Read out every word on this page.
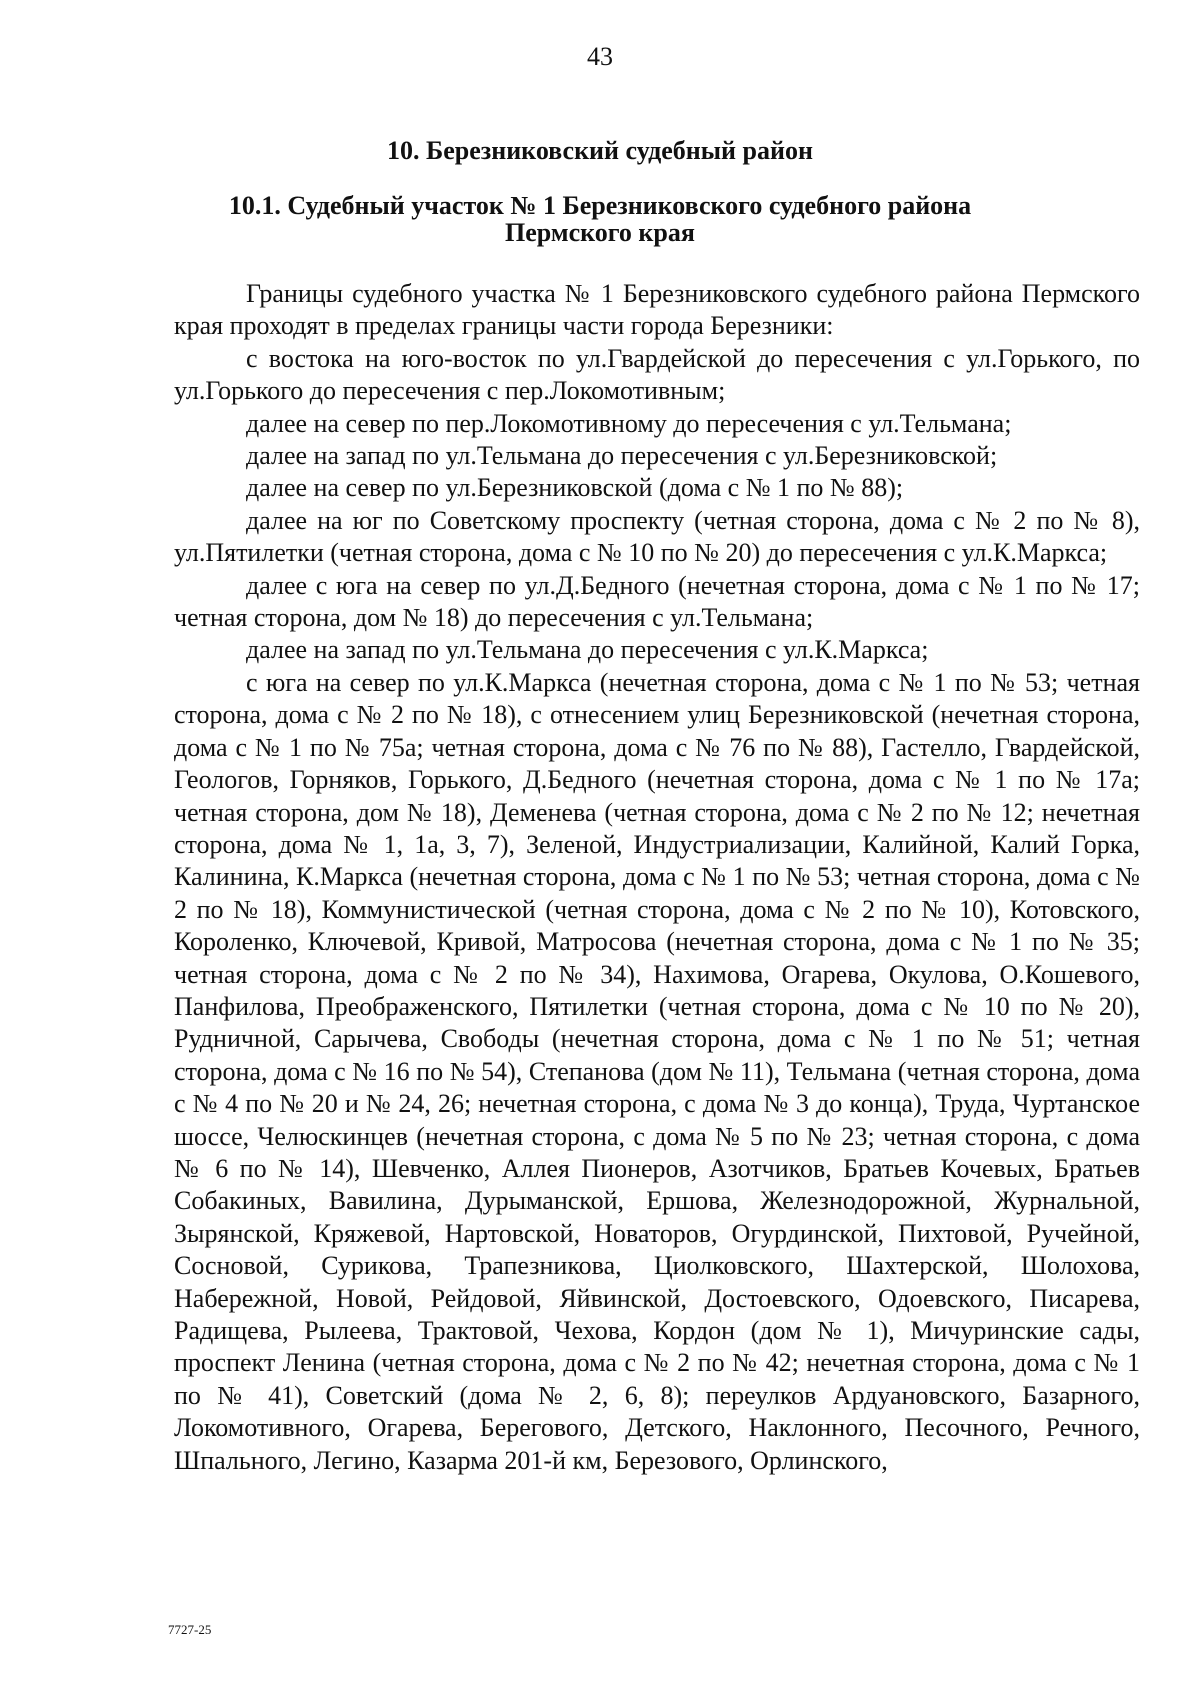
43
10. Березниковский судебный район
10.1. Судебный участок № 1 Березниковского судебного района
Пермского края

Границы судебного участка № 1 Березниковского судебного района Пермского края проходят в пределах границы части города Березники:

с востока на юго-восток по ул.Гвардейской до пересечения с ул.Горького, по ул.Горького до пересечения с пер.Локомотивным;

далее на север по пер.Локомотивному до пересечения с ул.Тельмана;

далее на запад по ул.Тельмана до пересечения с ул.Березниковской;

далее на север по ул.Березниковской (дома с № 1 по № 88);

далее на юг по Советскому проспекту (четная сторона, дома с № 2 по № 8), ул.Пятилетки (четная сторона, дома с № 10 по № 20) до пересечения с ул.К.Маркса;

далее с юга на север по ул.Д.Бедного (нечетная сторона, дома с № 1 по № 17; четная сторона, дом № 18) до пересечения с ул.Тельмана;

далее на запад по ул.Тельмана до пересечения с ул.К.Маркса;

с юга на север по ул.К.Маркса (нечетная сторона, дома с № 1 по № 53; четная сторона, дома с № 2 по № 18), с отнесением улиц Березниковской (нечетная сторона, дома с № 1 по № 75а; четная сторона, дома с № 76 по № 88), Гастелло, Гвардейской, Геологов, Горняков, Горького, Д.Бедного (нечетная сторона, дома с № 1 по № 17а; четная сторона, дом № 18), Деменева (четная сторона, дома с № 2 по № 12; нечетная сторона, дома № 1, 1а, 3, 7), Зеленой, Индустриализации, Калийной, Калий Горка, Калинина, К.Маркса (нечетная сторона, дома с № 1 по № 53; четная сторона, дома с № 2 по № 18), Коммунистической (четная сторона, дома с № 2 по № 10), Котовского, Короленко, Ключевой, Кривой, Матросова (нечетная сторона, дома с № 1 по № 35; четная сторона, дома с № 2 по № 34), Нахимова, Огарева, Окулова, О.Кошевого, Панфилова, Преображенского, Пятилетки (четная сторона, дома с № 10 по № 20), Рудничной, Сарычева, Свободы (нечетная сторона, дома с № 1 по № 51; четная сторона, дома с № 16 по № 54), Степанова (дом № 11), Тельмана (четная сторона, дома с № 4 по № 20 и № 24, 26; нечетная сторона, с дома № 3 до конца), Труда, Чуртанское шоссе, Челюскинцев (нечетная сторона, с дома № 5 по № 23; четная сторона, с дома № 6 по № 14), Шевченко, Аллея Пионеров, Азотчиков, Братьев Кочевых, Братьев Собакиных, Вавилина, Дурыманской, Ершова, Железнодорожной, Журнальной, Зырянской, Кряжевой, Нартовской, Новаторов, Огурдинской, Пихтовой, Ручейной, Сосновой, Сурикова, Трапезникова, Циолковского, Шахтерской, Шолохова, Набережной, Новой, Рейдовой, Яйвинской, Достоевского, Одоевского, Писарева, Радищева, Рылеева, Трактовой, Чехова, Кордон (дом № 1), Мичуринские сады, проспект Ленина (четная сторона, дома с № 2 по № 42; нечетная сторона, дома с № 1 по № 41), Советский (дома № 2, 6, 8); переулков Ардуановского, Базарного, Локомотивного, Огарева, Берегового, Детского, Наклонного, Песочного, Речного, Шпального, Легино, Казарма 201-й км, Березового, Орлинского,

7727-25
